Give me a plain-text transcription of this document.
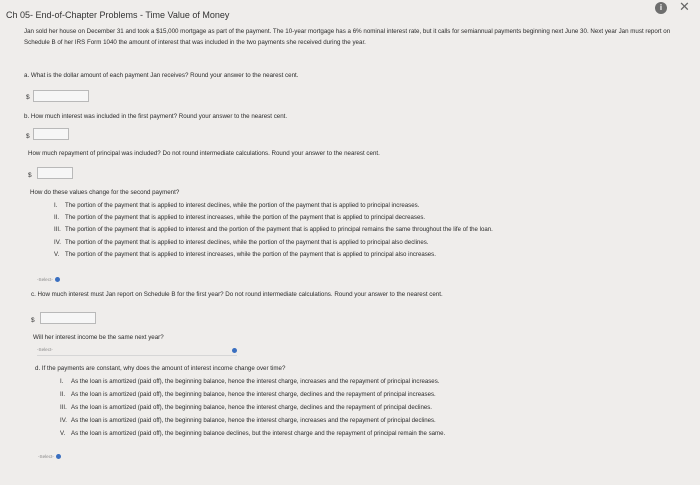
Ch 05- End-of-Chapter Problems - Time Value of Money
i	✕
Jan sold her house on December 31 and took a $15,000 mortgage as part of the payment. The 10-year mortgage has a 6% nominal interest rate, but it calls for semiannual payments beginning next June 30. Next year Jan must report on Schedule B of her IRS Form 1040 the amount of interest that was included in the two payments she received during the year.
a. What is the dollar amount of each payment Jan receives? Round your answer to the nearest cent.
$
b. How much interest was included in the first payment? Round your answer to the nearest cent.
$
How much repayment of principal was included? Do not round intermediate calculations. Round your answer to the nearest cent.
$
How do these values change for the second payment?
I. The portion of the payment that is applied to interest declines, while the portion of the payment that is applied to principal increases.
II. The portion of the payment that is applied to interest increases, while the portion of the payment that is applied to principal decreases.
III. The portion of the payment that is applied to interest and the portion of the payment that is applied to principal remains the same throughout the life of the loan.
IV. The portion of the payment that is applied to interest declines, while the portion of the payment that is applied to principal also declines.
V. The portion of the payment that is applied to interest increases, while the portion of the payment that is applied to principal also increases.
-Select-
c. How much interest must Jan report on Schedule B for the first year? Do not round intermediate calculations. Round your answer to the nearest cent.
$
Will her interest income be the same next year?
-Select-
d. If the payments are constant, why does the amount of interest income change over time?
I. As the loan is amortized (paid off), the beginning balance, hence the interest charge, increases and the repayment of principal increases.
II. As the loan is amortized (paid off), the beginning balance, hence the interest charge, declines and the repayment of principal increases.
III. As the loan is amortized (paid off), the beginning balance, hence the interest charge, declines and the repayment of principal declines.
IV. As the loan is amortized (paid off), the beginning balance, hence the interest charge, increases and the repayment of principal declines.
V. As the loan is amortized (paid off), the beginning balance declines, but the interest charge and the repayment of principal remain the same.
-Select-
